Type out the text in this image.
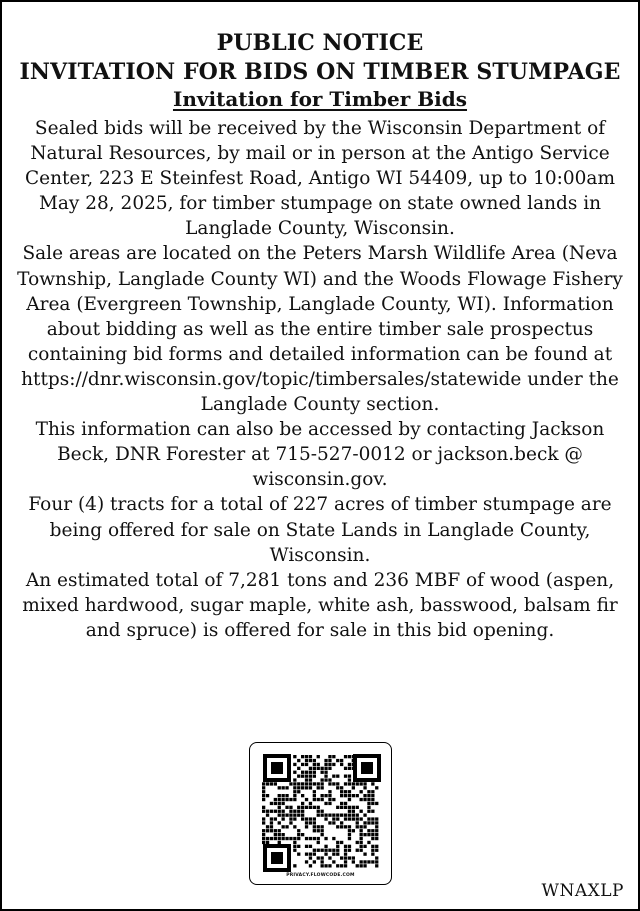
PUBLIC NOTICE
INVITATION FOR BIDS ON TIMBER STUMPAGE
Invitation for Timber Bids

Sealed bids will be received by the Wisconsin Department of Natural Resources, by mail or in person at the Antigo Service Center, 223 E Steinfest Road, Antigo WI 54409, up to 10:00am May 28, 2025, for timber stumpage on state owned lands in Langlade County, Wisconsin.

Sale areas are located on the Peters Marsh Wildlife Area (Neva Township, Langlade County WI) and the Woods Flowage Fishery Area (Evergreen Township, Langlade County, WI). Information about bidding as well as the entire timber sale prospectus containing bid forms and detailed information can be found at https://dnr.wisconsin.gov/topic/timbersales/statewide under the Langlade County section.

This information can also be accessed by contacting Jackson Beck, DNR Forester at 715-527-0012 or jackson.beck @ wisconsin.gov.

Four (4) tracts for a total of 227 acres of timber stumpage are being offered for sale on State Lands in Langlade County, Wisconsin.

An estimated total of 7,281 tons and 236 MBF of wood (aspen, mixed hardwood, sugar maple, white ash, basswood, balsam fir and spruce) is offered for sale in this bid opening.

PRIVACY.FLOWCODE.COM
WNAXLP
